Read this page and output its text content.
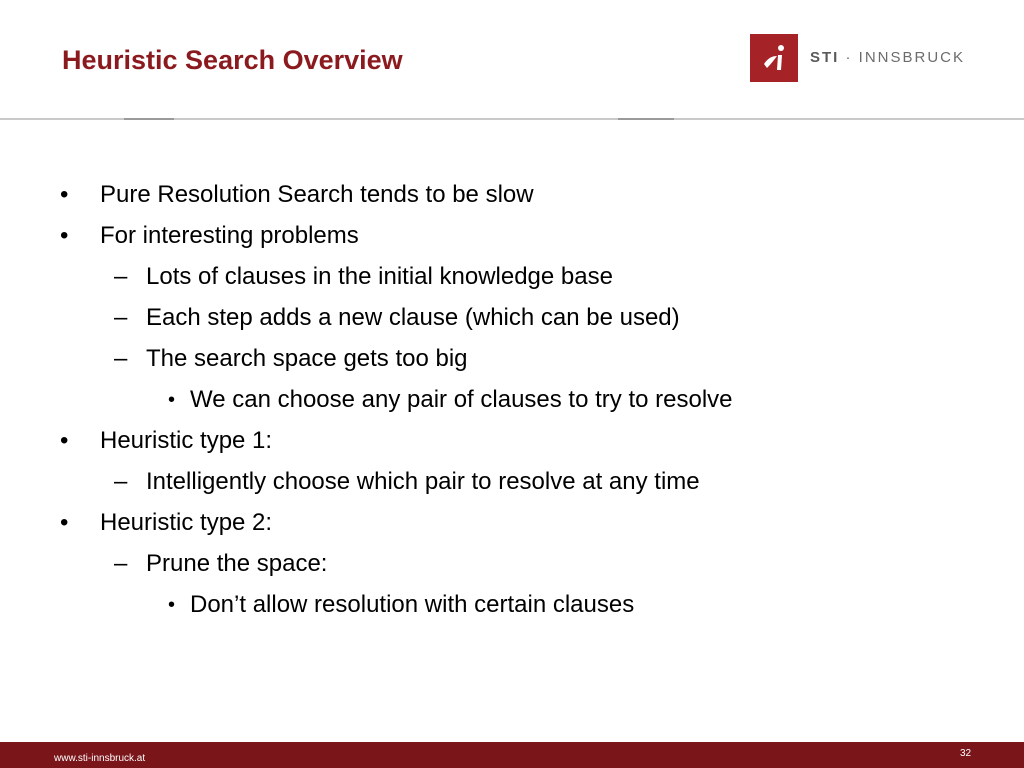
Heuristic Search Overview	STI · INNSBRUCK
• Pure Resolution Search tends to be slow
• For interesting problems
– Lots of clauses in the initial knowledge base
– Each step adds a new clause (which can be used)
– The search space gets too big
• We can choose any pair of clauses to try to resolve
• Heuristic type 1:
– Intelligently choose which pair to resolve at any time
• Heuristic type 2:
– Prune the space:
• Don’t allow resolution with certain clauses
www.sti-innsbruck.at	32
